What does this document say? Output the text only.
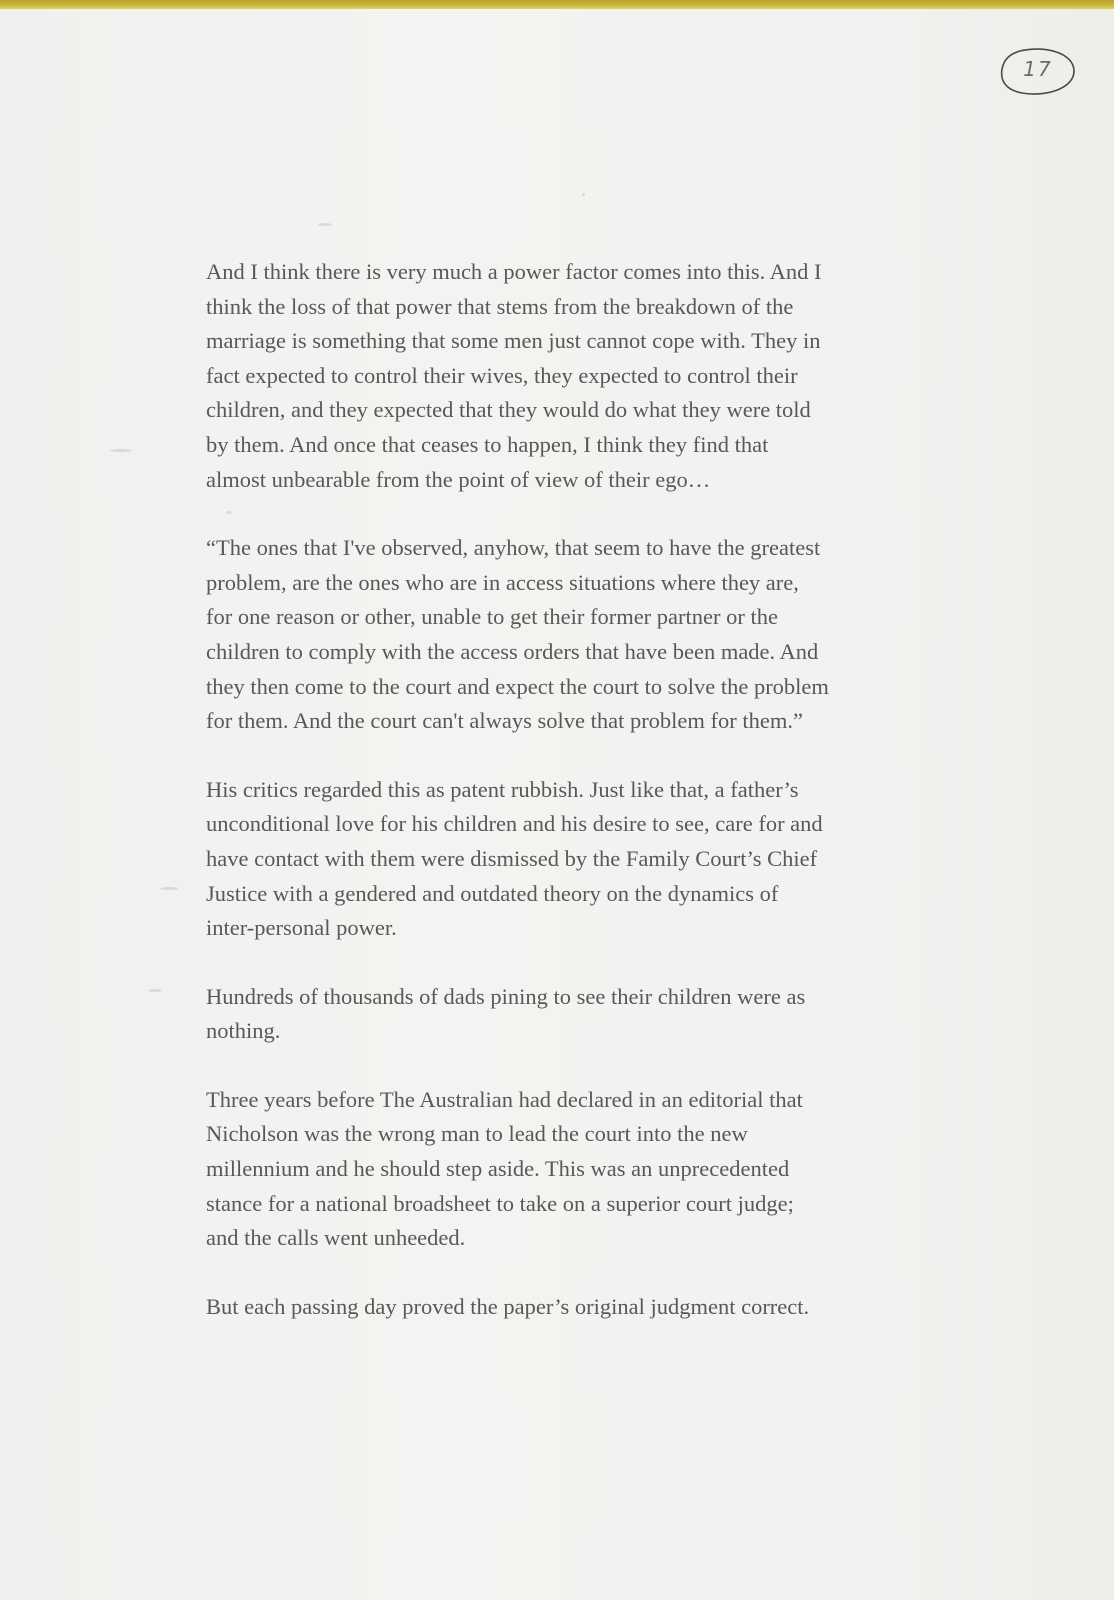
17

And I think there is very much a power factor comes into this. And I
think the loss of that power that stems from the breakdown of the
marriage is something that some men just cannot cope with. They in
fact expected to control their wives, they expected to control their
children, and they expected that they would do what they were told
by them. And once that ceases to happen, I think they find that
almost unbearable from the point of view of their ego…

“The ones that I've observed, anyhow, that seem to have the greatest
problem, are the ones who are in access situations where they are,
for one reason or other, unable to get their former partner or the
children to comply with the access orders that have been made. And
they then come to the court and expect the court to solve the problem
for them. And the court can't always solve that problem for them.”

His critics regarded this as patent rubbish. Just like that, a father’s
unconditional love for his children and his desire to see, care for and
have contact with them were dismissed by the Family Court’s Chief
Justice with a gendered and outdated theory on the dynamics of
inter-personal power.

Hundreds of thousands of dads pining to see their children were as
nothing.

Three years before The Australian had declared in an editorial that
Nicholson was the wrong man to lead the court into the new
millennium and he should step aside. This was an unprecedented
stance for a national broadsheet to take on a superior court judge;
and the calls went unheeded.

But each passing day proved the paper’s original judgment correct.
